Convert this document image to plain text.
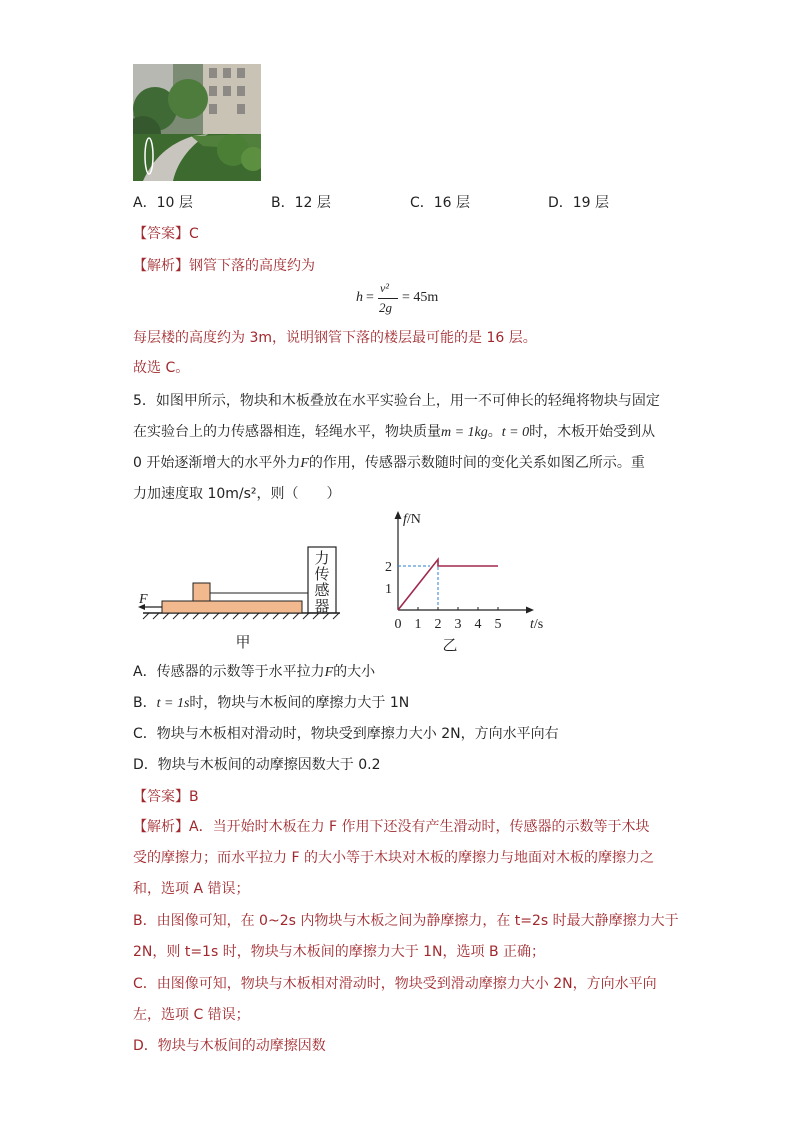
A．10 层	B．12 层	C．16 层	D．19 层
【答案】C
【解析】钢管下落的高度约为
h =
v²
2g
= 45m
每层楼的高度约为 3m，说明钢管下落的楼层最可能的是 16 层。
故选 C。
5．如图甲所示，物块和木板叠放在水平实验台上，用一不可伸长的轻绳将物块与固定
在实验台上的力传感器相连，轻绳水平，物块质量m = 1kg。t = 0时，木板开始受到从
0 开始逐渐增大的水平外力F的作用，传感器示数随时间的变化关系如图乙所示。重
力加速度取 10m/s²，则（　　）
F
力
传
感
器
甲
f/N
t/s
0 1 2 3 4 5
1
2
乙
A．传感器的示数等于水平拉力F的大小
B．t = 1s时，物块与木板间的摩擦力大于 1N
C．物块与木板相对滑动时，物块受到摩擦力大小 2N，方向水平向右
D．物块与木板间的动摩擦因数大于 0.2
【答案】B
【解析】A．当开始时木板在力 F 作用下还没有产生滑动时，传感器的示数等于木块
受的摩擦力；而水平拉力 F 的大小等于木块对木板的摩擦力与地面对木板的摩擦力之
和，选项 A 错误；
B．由图像可知，在 0~2s 内物块与木板之间为静摩擦力，在 t=2s 时最大静摩擦力大于
2N，则 t=1s 时，物块与木板间的摩擦力大于 1N，选项 B 正确；
C．由图像可知，物块与木板相对滑动时，物块受到滑动摩擦力大小 2N，方向水平向
左，选项 C 错误；
D．物块与木板间的动摩擦因数
